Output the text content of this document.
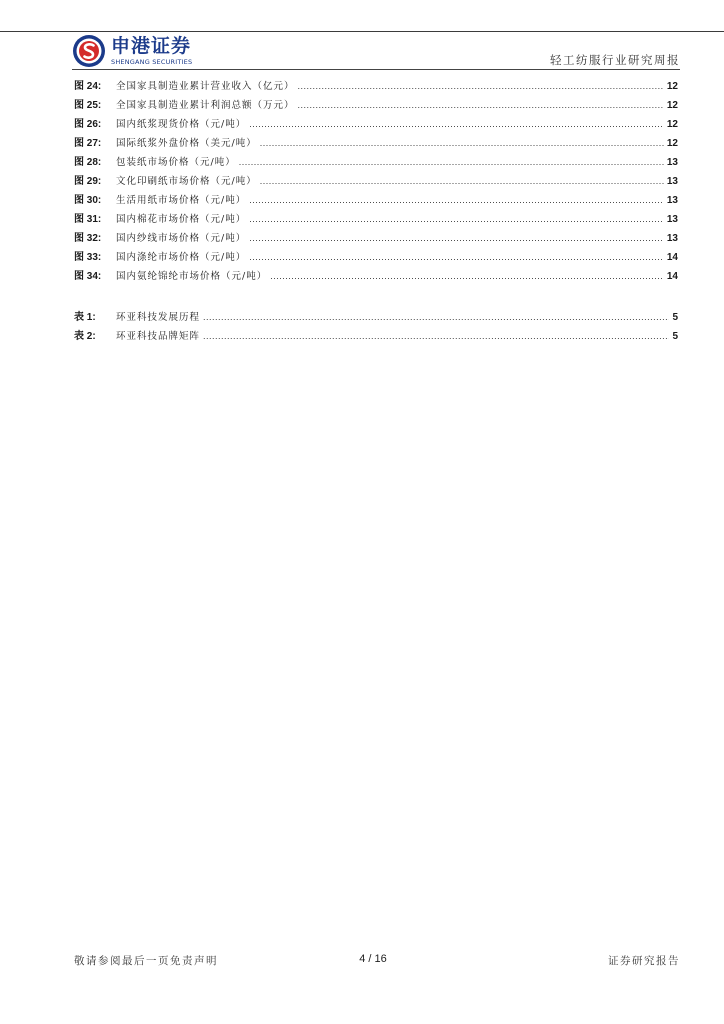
申港证券
SHENGANG SECURITIES	轻工纺服行业研究周报
图 24:	全国家具制造业累计营业收入（亿元） .....	12
图 25:	全国家具制造业累计利润总额（万元） .....	12
图 26:	国内纸浆现货价格（元/吨） .....	12
图 27:	国际纸浆外盘价格（美元/吨） .....	12
图 28:	包装纸市场价格（元/吨） .....	13
图 29:	文化印刷纸市场价格（元/吨） .....	13
图 30:	生活用纸市场价格（元/吨） .....	13
图 31:	国内棉花市场价格（元/吨） .....	13
图 32:	国内纱线市场价格（元/吨） .....	13
图 33:	国内涤纶市场价格（元/吨） .....	14
图 34:	国内氨纶锦纶市场价格（元/吨） .....	14
表 1:	环亚科技发展历程 .....	5
表 2:	环亚科技品牌矩阵 .....	5
敬请参阅最后一页免责声明	4 / 16	证券研究报告
